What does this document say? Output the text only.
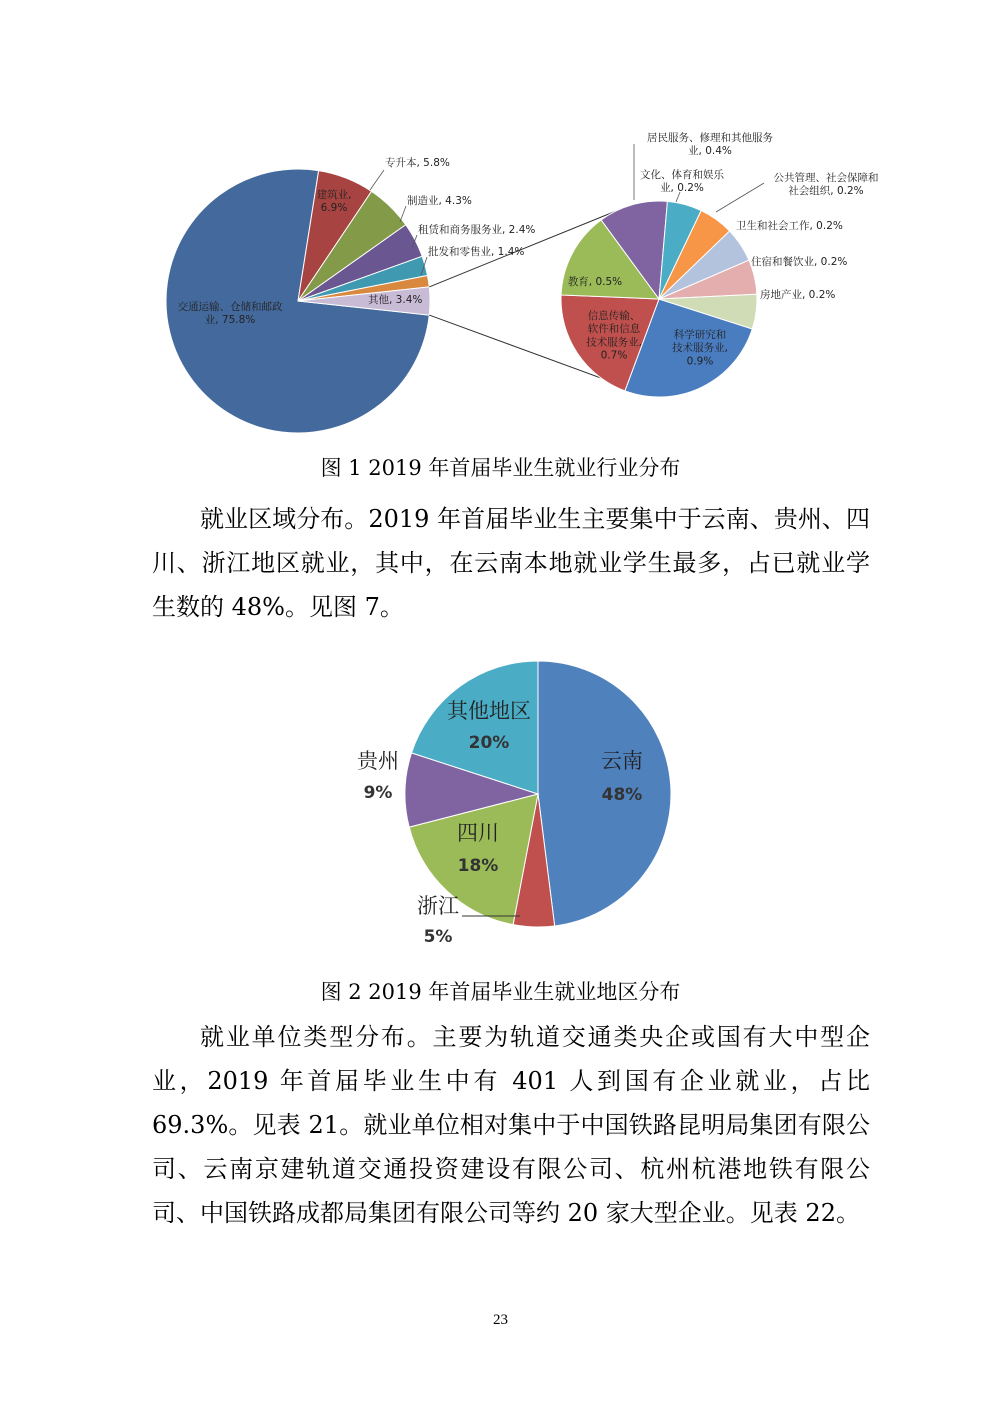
交通运输、仓储和邮政业, 75.8%
建筑业, 6.9%
专升本, 5.8%
制造业, 4.3%
租赁和商务服务业, 2.4%
批发和零售业, 1.4%
其他, 3.4%
科学研究和技术服务业, 0.9%
信息传输、软件和信息技术服务业, 0.7%
教育, 0.5%
居民服务、修理和其他服务业, 0.4%
文化、体育和娱乐业, 0.2%
公共管理、社会保障和社会组织, 0.2%
卫生和社会工作, 0.2%
住宿和餐饮业, 0.2%
房地产业, 0.2%
图 1 2019 年首届毕业生就业行业分布

就业区域分布。2019 年首届毕业生主要集中于云南、贵州、四川、浙江地区就业，其中，在云南本地就业学生最多，占已就业学生数的 48%。见图 7。

云南
48%
浙江
5%
四川
18%
贵州
9%
其他地区
20%
图 2 2019 年首届毕业生就业地区分布

就业单位类型分布。主要为轨道交通类央企或国有大中型企业，2019 年首届毕业生中有 401 人到国有企业就业，占比 69.3%。见表 21。就业单位相对集中于中国铁路昆明局集团有限公司、云南京建轨道交通投资建设有限公司、杭州杭港地铁有限公司、中国铁路成都局集团有限公司等约 20 家大型企业。见表 22。

23
